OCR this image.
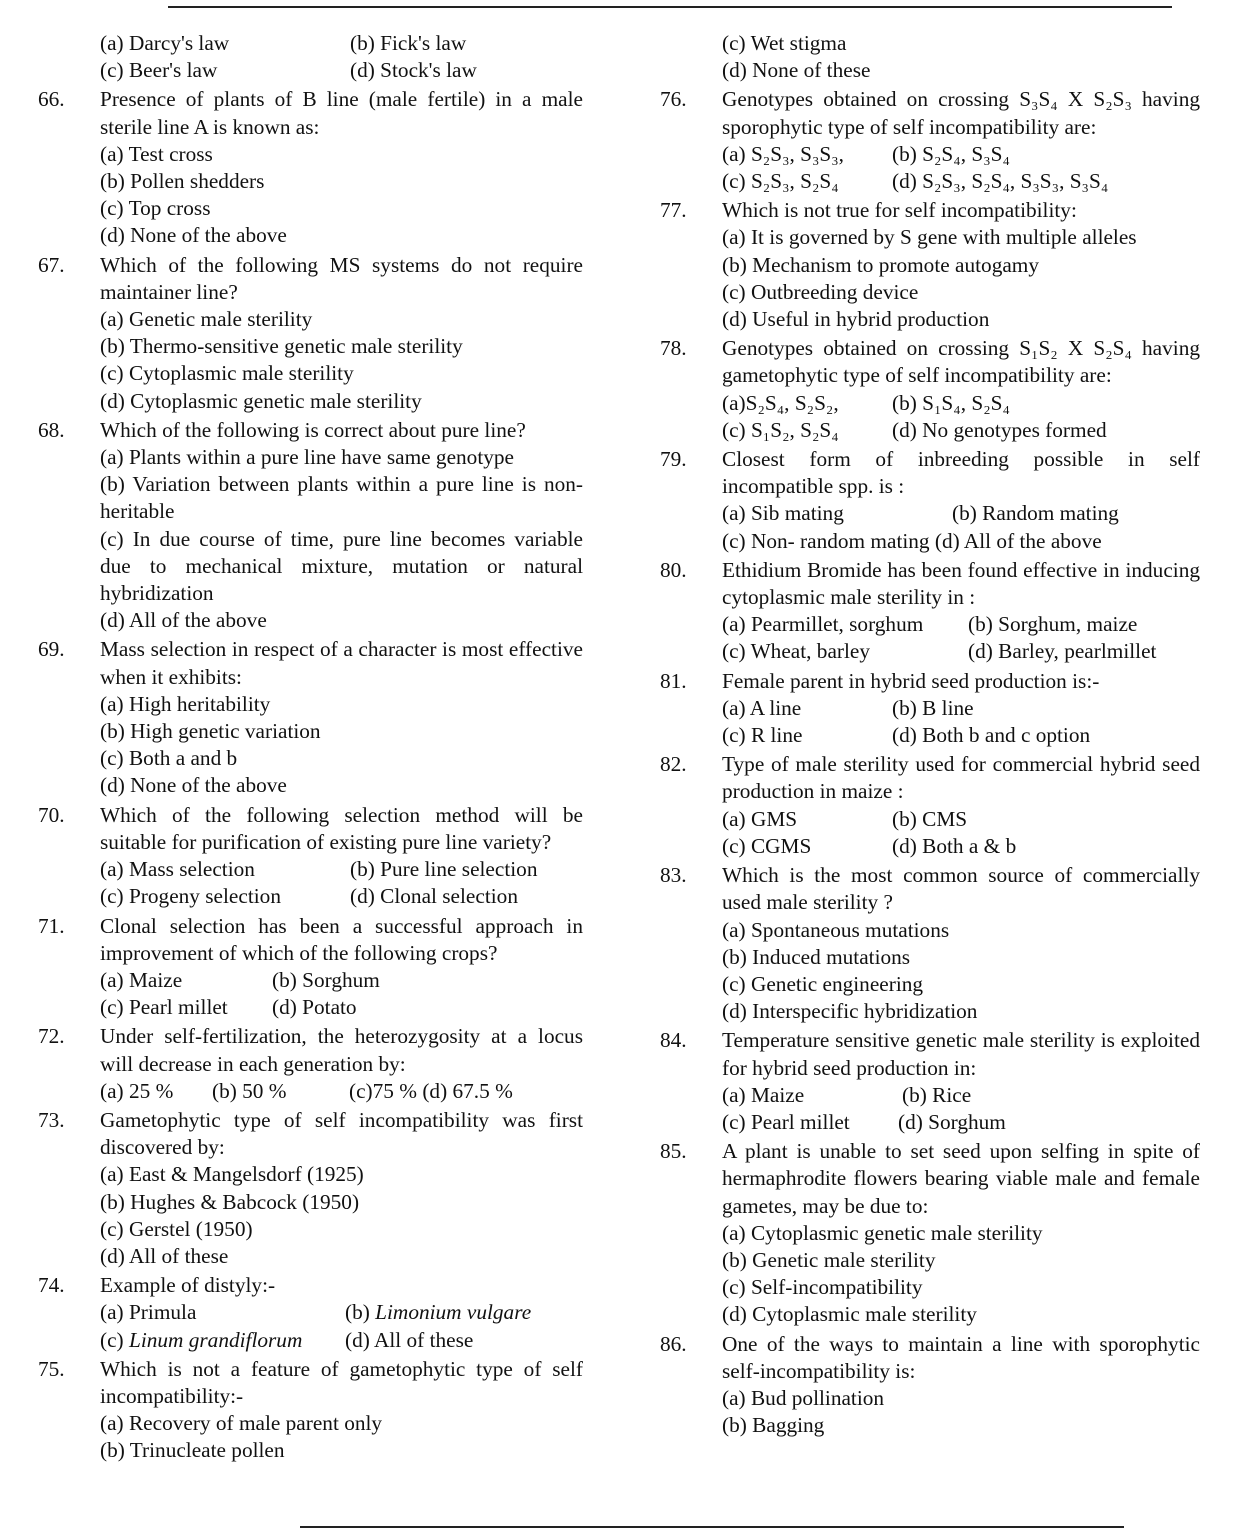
(a) Darcy's law	(b) Fick's law
(c) Beer's law	(d) Stock's law
66.	Presence of plants of B line (male fertile) in a male sterile line A is known as:
(a) Test cross
(b) Pollen shedders
(c) Top cross
(d) None of the above
67.	Which of the following MS systems do not require maintainer line?
(a) Genetic male sterility
(b) Thermo-sensitive genetic male sterility
(c) Cytoplasmic male sterility
(d) Cytoplasmic genetic male sterility
68.	Which of the following is correct about pure line?
(a) Plants within a pure line have same genotype
(b) Variation between plants within a pure line is non-heritable
(c) In due course of time, pure line becomes variable due to mechanical mixture, mutation or natural hybridization
(d) All of the above
69.	Mass selection in respect of a character is most effective when it exhibits:
(a) High heritability
(b) High genetic variation
(c) Both a and b
(d) None of the above
70.	Which of the following selection method will be suitable for purification of existing pure line variety?
(a) Mass selection	(b) Pure line selection
(c) Progeny selection	(d) Clonal selection
71.	Clonal selection has been a successful approach in improvement of which of the following crops?
(a) Maize	(b) Sorghum
(c) Pearl millet	(d) Potato
72.	Under self-fertilization, the heterozygosity at a locus will decrease in each generation by:
(a) 25 %	(b) 50 %	(c)75 % (d) 67.5 %
73.	Gametophytic type of self incompatibility was first discovered by:
(a) East & Mangelsdorf (1925)
(b) Hughes & Babcock (1950)
(c) Gerstel (1950)
(d) All of these
74.	Example of distyly:-
(a) Primula	(b) Limonium vulgare
(c) Linum grandiflorum	(d) All of these
75.	Which is not a feature of gametophytic type of self incompatibility:-
(a) Recovery of male parent only
(b) Trinucleate pollen
(c) Wet stigma
(d) None of these
76.	Genotypes obtained on crossing S₃S₄ X S₂S₃ having sporophytic type of self incompatibility are:
(a) S₂S₃, S₃S₃,	(b) S₂S₄, S₃S₄
(c) S₂S₃, S₂S₄	(d) S₂S₃, S₂S₄, S₃S₃, S₃S₄
77.	Which is not true for self incompatibility:
(a) It is governed by S gene with multiple alleles
(b) Mechanism to promote autogamy
(c) Outbreeding device
(d) Useful in hybrid production
78.	Genotypes obtained on crossing S₁S₂ X S₂S₄ having gametophytic type of self incompatibility are:
(a)S₂S₄, S₂S₂,	(b) S₁S₄, S₂S₄
(c) S₁S₂, S₂S₄	(d) No genotypes formed
79.	Closest form of inbreeding possible in self incompatible spp. is :
(a) Sib mating	(b) Random mating
(c) Non- random mating (d) All of the above
80.	Ethidium Bromide has been found effective in inducing cytoplasmic male sterility in :
(a) Pearmillet, sorghum	(b) Sorghum, maize
(c) Wheat, barley	(d) Barley, pearlmillet
81.	Female parent in hybrid seed production is:-
(a) A line	(b) B line
(c) R line	(d) Both b and c option
82.	Type of male sterility used for commercial hybrid seed production in maize :
(a) GMS	(b) CMS
(c) CGMS	(d) Both a & b
83.	Which is the most common source of commercially used male sterility ?
(a) Spontaneous mutations
(b) Induced mutations
(c) Genetic engineering
(d) Interspecific hybridization
84.	Temperature sensitive genetic male sterility is exploited for hybrid seed production in:
(a) Maize	(b) Rice
(c) Pearl millet	(d) Sorghum
85.	A plant is unable to set seed upon selfing in spite of hermaphrodite flowers bearing viable male and female gametes, may be due to:
(a) Cytoplasmic genetic male sterility
(b) Genetic male sterility
(c) Self-incompatibility
(d) Cytoplasmic male sterility
86.	One of the ways to maintain a line with sporophytic self-incompatibility is:
(a) Bud pollination
(b) Bagging
